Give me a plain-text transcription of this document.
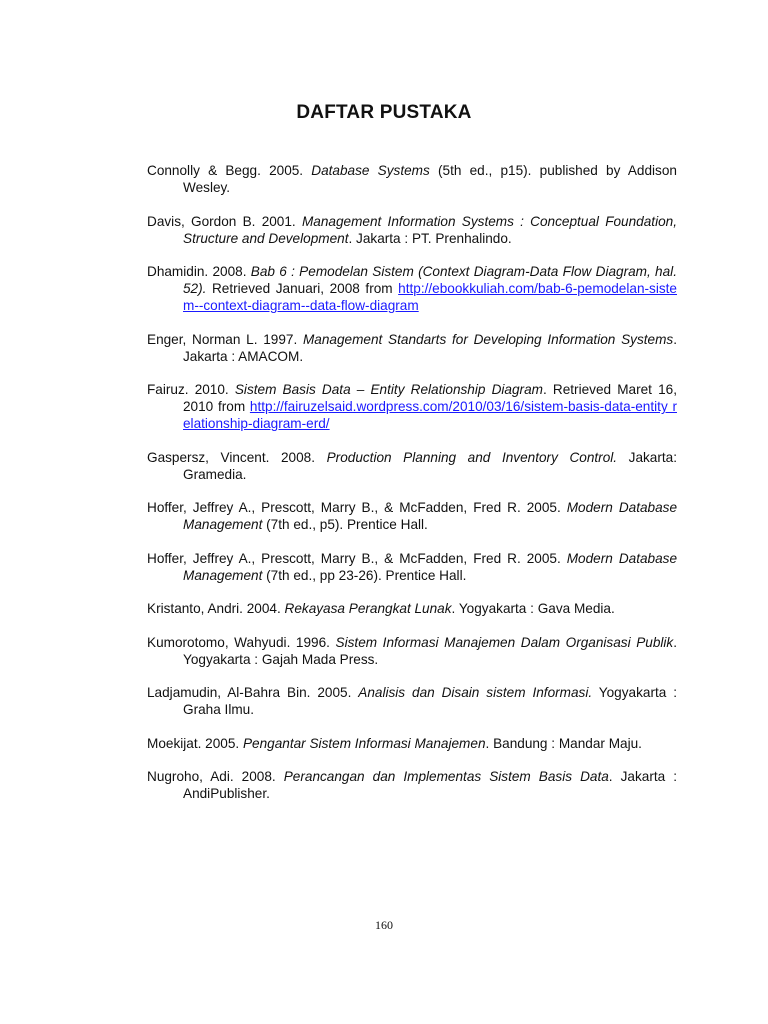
DAFTAR PUSTAKA
Connolly & Begg. 2005. Database Systems (5th ed., p15). published by Addison Wesley.
Davis, Gordon B. 2001. Management Information Systems : Conceptual Foundation, Structure and Development. Jakarta : PT. Prenhalindo.
Dhamidin. 2008. Bab 6 : Pemodelan Sistem (Context Diagram-Data Flow Diagram, hal. 52). Retrieved Januari, 2008 from http://ebookkuliah.com/bab-6-pemodelan-sistem--context-diagram--data-flow-diagram
Enger, Norman L. 1997. Management Standarts for Developing Information Systems. Jakarta : AMACOM.
Fairuz. 2010. Sistem Basis Data – Entity Relationship Diagram. Retrieved Maret 16, 2010 from http://fairuzelsaid.wordpress.com/2010/03/16/sistem-basis-data-entity relationship-diagram-erd/
Gaspersz, Vincent. 2008. Production Planning and Inventory Control. Jakarta: Gramedia.
Hoffer, Jeffrey A., Prescott, Marry B., & McFadden, Fred R. 2005. Modern Database Management (7th ed., p5). Prentice Hall.
Hoffer, Jeffrey A., Prescott, Marry B., & McFadden, Fred R. 2005. Modern Database Management (7th ed., pp 23-26). Prentice Hall.
Kristanto, Andri. 2004. Rekayasa Perangkat Lunak. Yogyakarta : Gava Media.
Kumorotomo, Wahyudi. 1996. Sistem Informasi Manajemen Dalam Organisasi Publik. Yogyakarta : Gajah Mada Press.
Ladjamudin, Al-Bahra Bin. 2005. Analisis dan Disain sistem Informasi. Yogyakarta : Graha Ilmu.
Moekijat. 2005. Pengantar Sistem Informasi Manajemen. Bandung : Mandar Maju.
Nugroho, Adi. 2008. Perancangan dan Implementas Sistem Basis Data. Jakarta : AndiPublisher.
160
